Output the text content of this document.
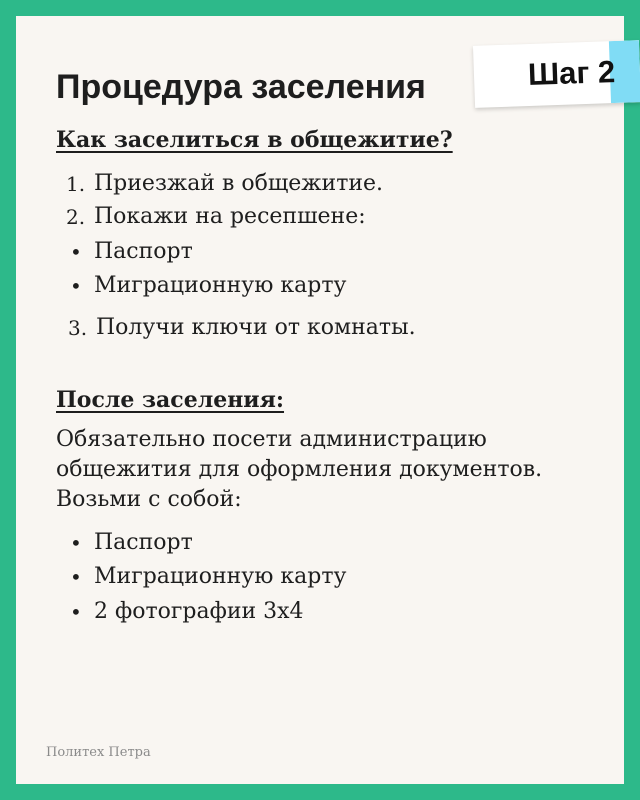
Шаг 2
Процедура заселения
Как заселиться в общежитие?
1. Приезжай в общежитие.
2. Покажи на ресепшене:
• Паспорт
• Миграционную карту
3. Получи ключи от комнаты.
После заселения:
Обязательно посети администрацию
общежития для оформления документов.
Возьми с собой:
• Паспорт
• Миграционную карту
• 2 фотографии 3x4
Политех Петра
